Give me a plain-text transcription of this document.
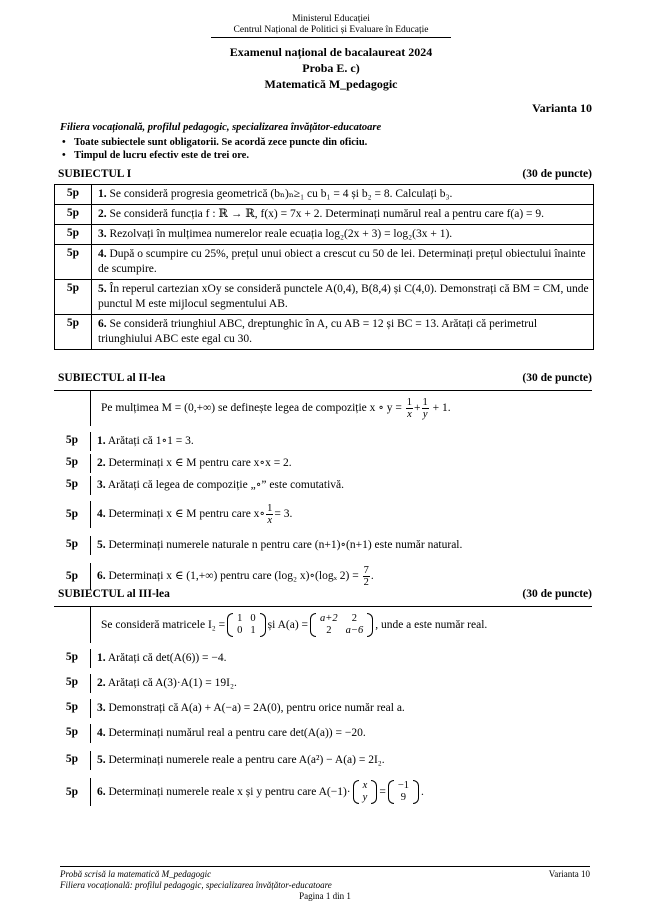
Ministerul Educației
Centrul Național de Politici și Evaluare în Educație
Examenul național de bacalaureat 2024
Proba E. c)
Matematică M_pedagogic
Varianta 10
Filiera vocațională, profilul pedagogic, specializarea învățător-educatoare
• Toate subiectele sunt obligatorii. Se acordă zece puncte din oficiu.
• Timpul de lucru efectiv este de trei ore.
SUBIECTUL I	(30 de puncte)
5p	1. Se consideră progresia geometrică (bₙ)ₙ≥₁ cu b₁ = 4 și b₂ = 8. Calculați b₃.
5p	2. Se consideră funcția f : ℝ → ℝ, f(x) = 7x + 2. Determinați numărul real a pentru care f(a) = 9.
5p	3. Rezolvați în mulțimea numerelor reale ecuația log₂(2x + 3) = log₂(3x + 1).
5p	4. După o scumpire cu 25%, prețul unui obiect a crescut cu 50 de lei. Determinați prețul obiectului înainte de scumpire.
5p	5. În reperul cartezian xOy se consideră punctele A(0,4), B(8,4) și C(4,0). Demonstrați că BM = CM, unde punctul M este mijlocul segmentului AB.
5p	6. Se consideră triunghiul ABC, dreptunghic în A, cu AB = 12 și BC = 13. Arătați că perimetrul triunghiului ABC este egal cu 30.
SUBIECTUL al II-lea	(30 de puncte)
Pe mulțimea M = (0,+∞) se definește legea de compoziție x ∘ $y = \frac{1}{x} + \frac{1}{y} + 1$.
5p	1. Arătați că 1∘1 = 3.
5p	2. Determinați x ∈ M pentru care x∘x = 2.
5p	3. Arătați că legea de compoziție „∘” este comutativă.
5p	4. Determinați x ∈ M pentru care x∘ $\frac{1}{x} = 3$.
5p	5. Determinați numerele naturale n pentru care (n+1)∘(n+1) este număr natural.
5p	6. Determinați x ∈ (1,+∞) pentru care (log₂ x)∘(logₓ $2) = \frac{7}{2}$ .
SUBIECTUL al III-lea	(30 de puncte)
Se consideră matricele I₂ = 1	0
0	1 și A(a) = a+2	2
2	a−6 , unde a este număr real.
5p	1. Arătați că det(A(6)) = −4.
5p	2. Arătați că A(3)·A(1) = 19I₂.
5p	3. Demonstrați că A(a) + A(−a) = 2A(0), pentru orice număr real a.
5p	4. Determinați numărul real a pentru care det(A(a)) = −20.
5p	5. Determinați numerele reale a pentru care A(a²) − A(a) = 2I₂.
5p	6.
Determinați numerele reale x și y pentru care A(−1)· x
y = −1
9 .
Probă scrisă la matematică M_pedagogic	Varianta 10
Filiera vocațională: profilul pedagogic, specializarea învățător-educatoare
Pagina 1 din 1
